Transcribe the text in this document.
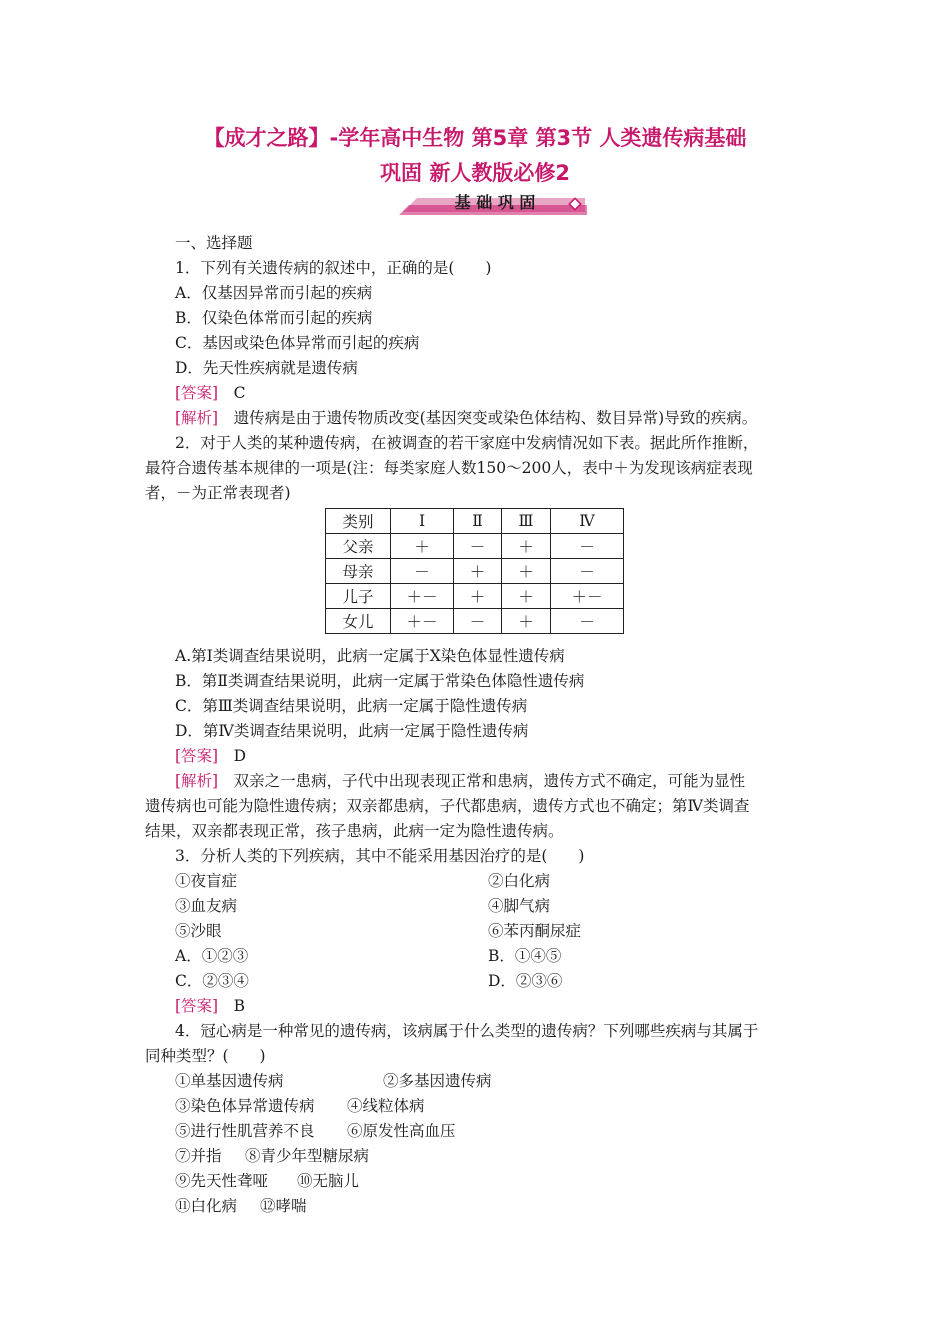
【成才之路】-学年高中生物 第5章 第3节 人类遗传病基础
巩固 新人教版必修2
基 础 巩 固
一、选择题
1．下列有关遗传病的叙述中，正确的是(　　)
A．仅基因异常而引起的疾病
B．仅染色体常而引起的疾病
C．基因或染色体异常而引起的疾病
D．先天性疾病就是遗传病
[答案]　 C
[解析]　 遗传病是由于遗传物质改变(基因突变或染色体结构、数目异常)导致的疾病。
2．对于人类的某种遗传病，在被调查的若干家庭中发病情况如下表。据此所作推断，
最符合遗传基本规律的一项是(注：每类家庭人数150～200人，表中＋为发现该病症表现
者，－为正常表现者)
类别	Ⅰ	Ⅱ	Ⅲ	Ⅳ
父亲	＋	－	＋	－
母亲	－	＋	＋	－
儿子	＋－	＋	＋	＋－
女儿	＋－	－	＋	－
A.第Ⅰ类调查结果说明，此病一定属于X染色体显性遗传病
B．第Ⅱ类调查结果说明，此病一定属于常染色体隐性遗传病
C．第Ⅲ类调查结果说明，此病一定属于隐性遗传病
D．第Ⅳ类调查结果说明，此病一定属于隐性遗传病
[答案]　 D
[解析]　 双亲之一患病，子代中出现表现正常和患病，遗传方式不确定，可能为显性
遗传病也可能为隐性遗传病；双亲都患病，子代都患病，遗传方式也不确定；第Ⅳ类调查
结果，双亲都表现正常，孩子患病，此病一定为隐性遗传病。
3．分析人类的下列疾病，其中不能采用基因治疗的是(　　)
①夜盲症	②白化病
③血友病	④脚气病
⑤沙眼	⑥苯丙酮尿症
A．①②③	B．①④⑤
C．②③④	D．②③⑥
[答案]　 B
4．冠心病是一种常见的遗传病，该病属于什么类型的遗传病？下列哪些疾病与其属于
同种类型？(　　)
①单基因遗传病	②多基因遗传病
③染色体异常遗传病 ④线粒体病
⑤进行性肌营养不良 ⑥原发性高血压
⑦并指 ⑧青少年型糖尿病
⑨先天性聋哑 ⑩无脑儿
⑪白化病 ⑫哮喘
